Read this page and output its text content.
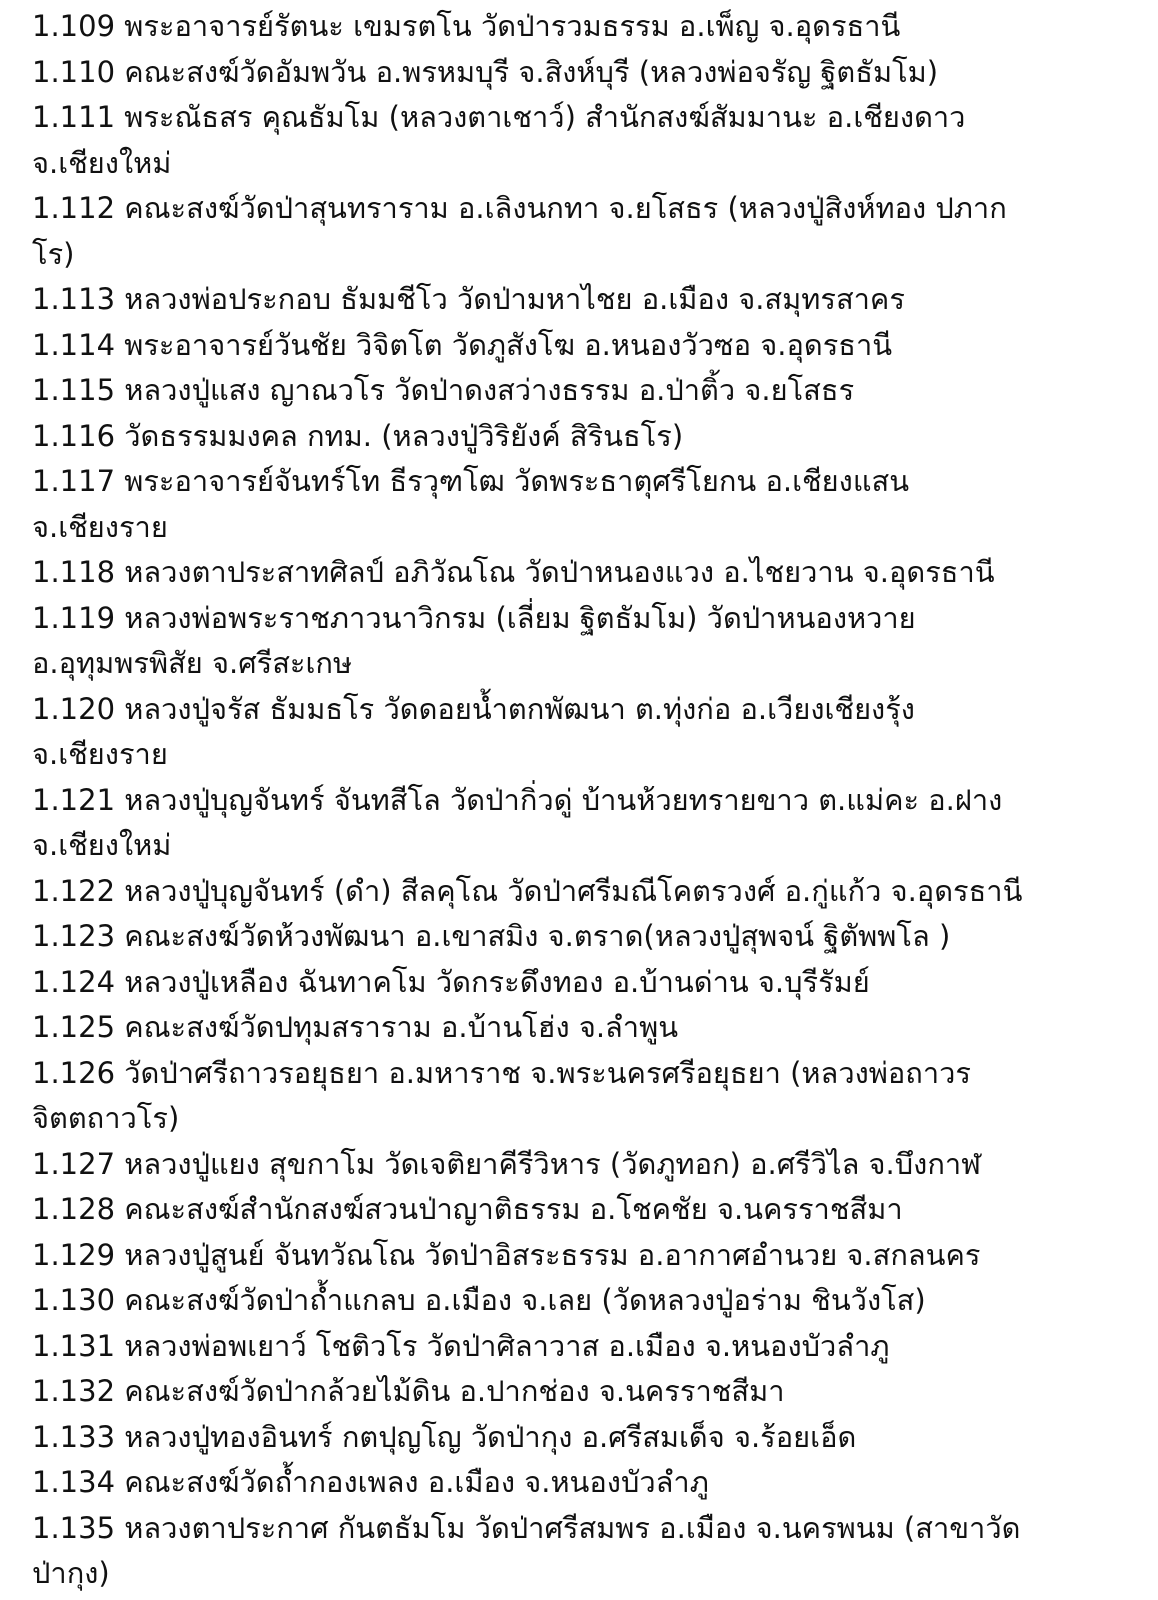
1.109 พระอาจารย์รัตนะ เขมรตโน วัดป่ารวมธรรม อ.เพ็ญ จ.อุดรธานี
1.110 คณะสงฆ์วัดอัมพวัน อ.พรหมบุรี จ.สิงห์บุรี (หลวงพ่อจรัญ ฐิตธัมโม)
1.111 พระณัธสร คุณธัมโม (หลวงตาเชาว์) สำนักสงฆ์สัมมานะ อ.เชียงดาว
จ.เชียงใหม่
1.112 คณะสงฆ์วัดป่าสุนทราราม อ.เลิงนกทา จ.ยโสธร (หลวงปู่สิงห์ทอง ปภาก
โร)
1.113 หลวงพ่อประกอบ ธัมมชีโว วัดป่ามหาไชย อ.เมือง จ.สมุทรสาคร
1.114 พระอาจารย์วันชัย วิจิตโต วัดภูสังโฆ อ.หนองวัวซอ จ.อุดรธานี
1.115 หลวงปู่แสง ญาณวโร วัดป่าดงสว่างธรรม อ.ป่าติ้ว จ.ยโสธร
1.116 วัดธรรมมงคล กทม. (หลวงปู่วิริยังค์ สิรินธโร)
1.117 พระอาจารย์จันทร์โท ธีรวุฑโฒ วัดพระธาตุศรีโยกน อ.เชียงแสน
จ.เชียงราย
1.118 หลวงตาประสาทศิลป์ อภิวัณโณ วัดป่าหนองแวง อ.ไชยวาน จ.อุดรธานี
1.119 หลวงพ่อพระราชภาวนาวิกรม (เลี่ยม ฐิตธัมโม) วัดป่าหนองหวาย
อ.อุทุมพรพิสัย จ.ศรีสะเกษ
1.120 หลวงปู่จรัส ธัมมธโร วัดดอยน้ำตกพัฒนา ต.ทุ่งก่อ อ.เวียงเชียงรุ้ง
จ.เชียงราย
1.121 หลวงปู่บุญจันทร์ จันทสีโล วัดป่ากิ่วดู่ บ้านห้วยทรายขาว ต.แม่คะ อ.ฝาง
จ.เชียงใหม่
1.122 หลวงปู่บุญจันทร์ (ดำ) สีลคุโณ วัดป่าศรีมณีโคตรวงศ์ อ.กู่แก้ว จ.อุดรธานี
1.123 คณะสงฆ์วัดห้วงพัฒนา อ.เขาสมิง จ.ตราด(หลวงปู่สุพจน์ ฐิตัพพโล )
1.124 หลวงปู่เหลือง ฉันทาคโม วัดกระดึงทอง อ.บ้านด่าน จ.บุรีรัมย์
1.125 คณะสงฆ์วัดปทุมสราราม อ.บ้านโฮ่ง จ.ลำพูน
1.126 วัดป่าศรีถาวรอยุธยา อ.มหาราช จ.พระนครศรีอยุธยา (หลวงพ่อถาวร
จิตตถาวโร)
1.127 หลวงปู่แยง สุขกาโม วัดเจติยาคีรีวิหาร (วัดภูทอก) อ.ศรีวิไล จ.บึงกาฬ
1.128 คณะสงฆ์สำนักสงฆ์สวนป่าญาติธรรม อ.โชคชัย จ.นครราชสีมา
1.129 หลวงปู่สูนย์ จันทวัณโณ วัดป่าอิสระธรรม อ.อากาศอำนวย จ.สกลนคร
1.130 คณะสงฆ์วัดป่าถ้ำแกลบ อ.เมือง จ.เลย (วัดหลวงปู่อร่าม ชินวังโส)
1.131 หลวงพ่อพเยาว์ โชติวโร วัดป่าศิลาวาส อ.เมือง จ.หนองบัวลำภู
1.132 คณะสงฆ์วัดป่ากล้วยไม้ดิน อ.ปากช่อง จ.นครราชสีมา
1.133 หลวงปู่ทองอินทร์ กตปุญโญ วัดป่ากุง อ.ศรีสมเด็จ จ.ร้อยเอ็ด
1.134 คณะสงฆ์วัดถ้ำกองเพลง อ.เมือง จ.หนองบัวลำภู
1.135 หลวงตาประกาศ กันตธัมโม วัดป่าศรีสมพร อ.เมือง จ.นครพนม (สาขาวัด
ป่ากุง)
